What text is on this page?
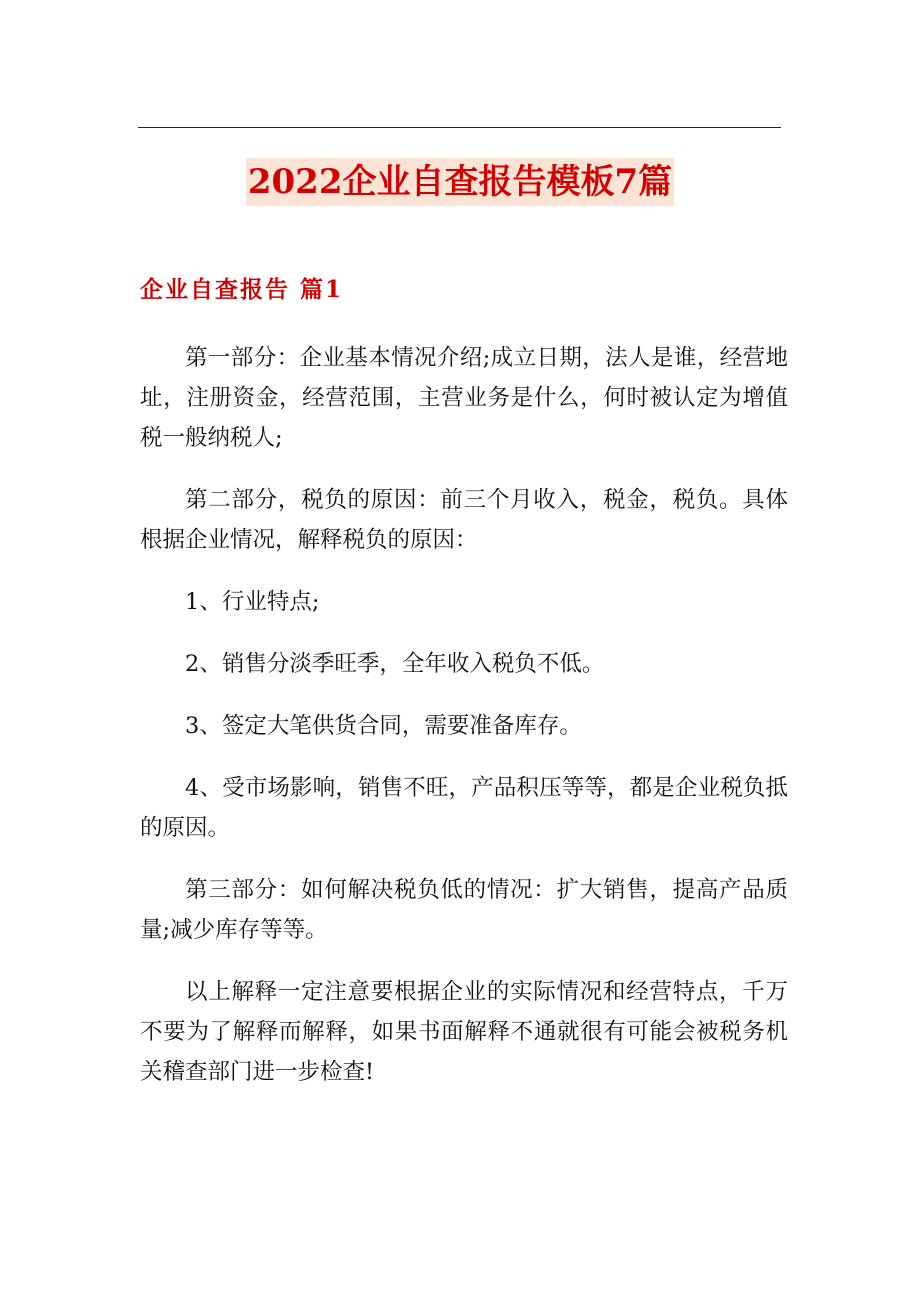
2022企业自查报告模板7篇
企业自查报告 篇1

第一部分：企业基本情况介绍;成立日期，法人是谁，经营地址，注册资金，经营范围，主营业务是什么，何时被认定为增值税一般纳税人;

第二部分，税负的原因：前三个月收入，税金，税负。具体根据企业情况，解释税负的原因：

1、行业特点;

2、销售分淡季旺季，全年收入税负不低。

3、签定大笔供货合同，需要准备库存。

4、受市场影响，销售不旺，产品积压等等，都是企业税负抵的原因。

第三部分：如何解决税负低的情况：扩大销售，提高产品质量;减少库存等等。

以上解释一定注意要根据企业的实际情况和经营特点，千万不要为了解释而解释，如果书面解释不通就很有可能会被税务机关稽查部门进一步检查!
